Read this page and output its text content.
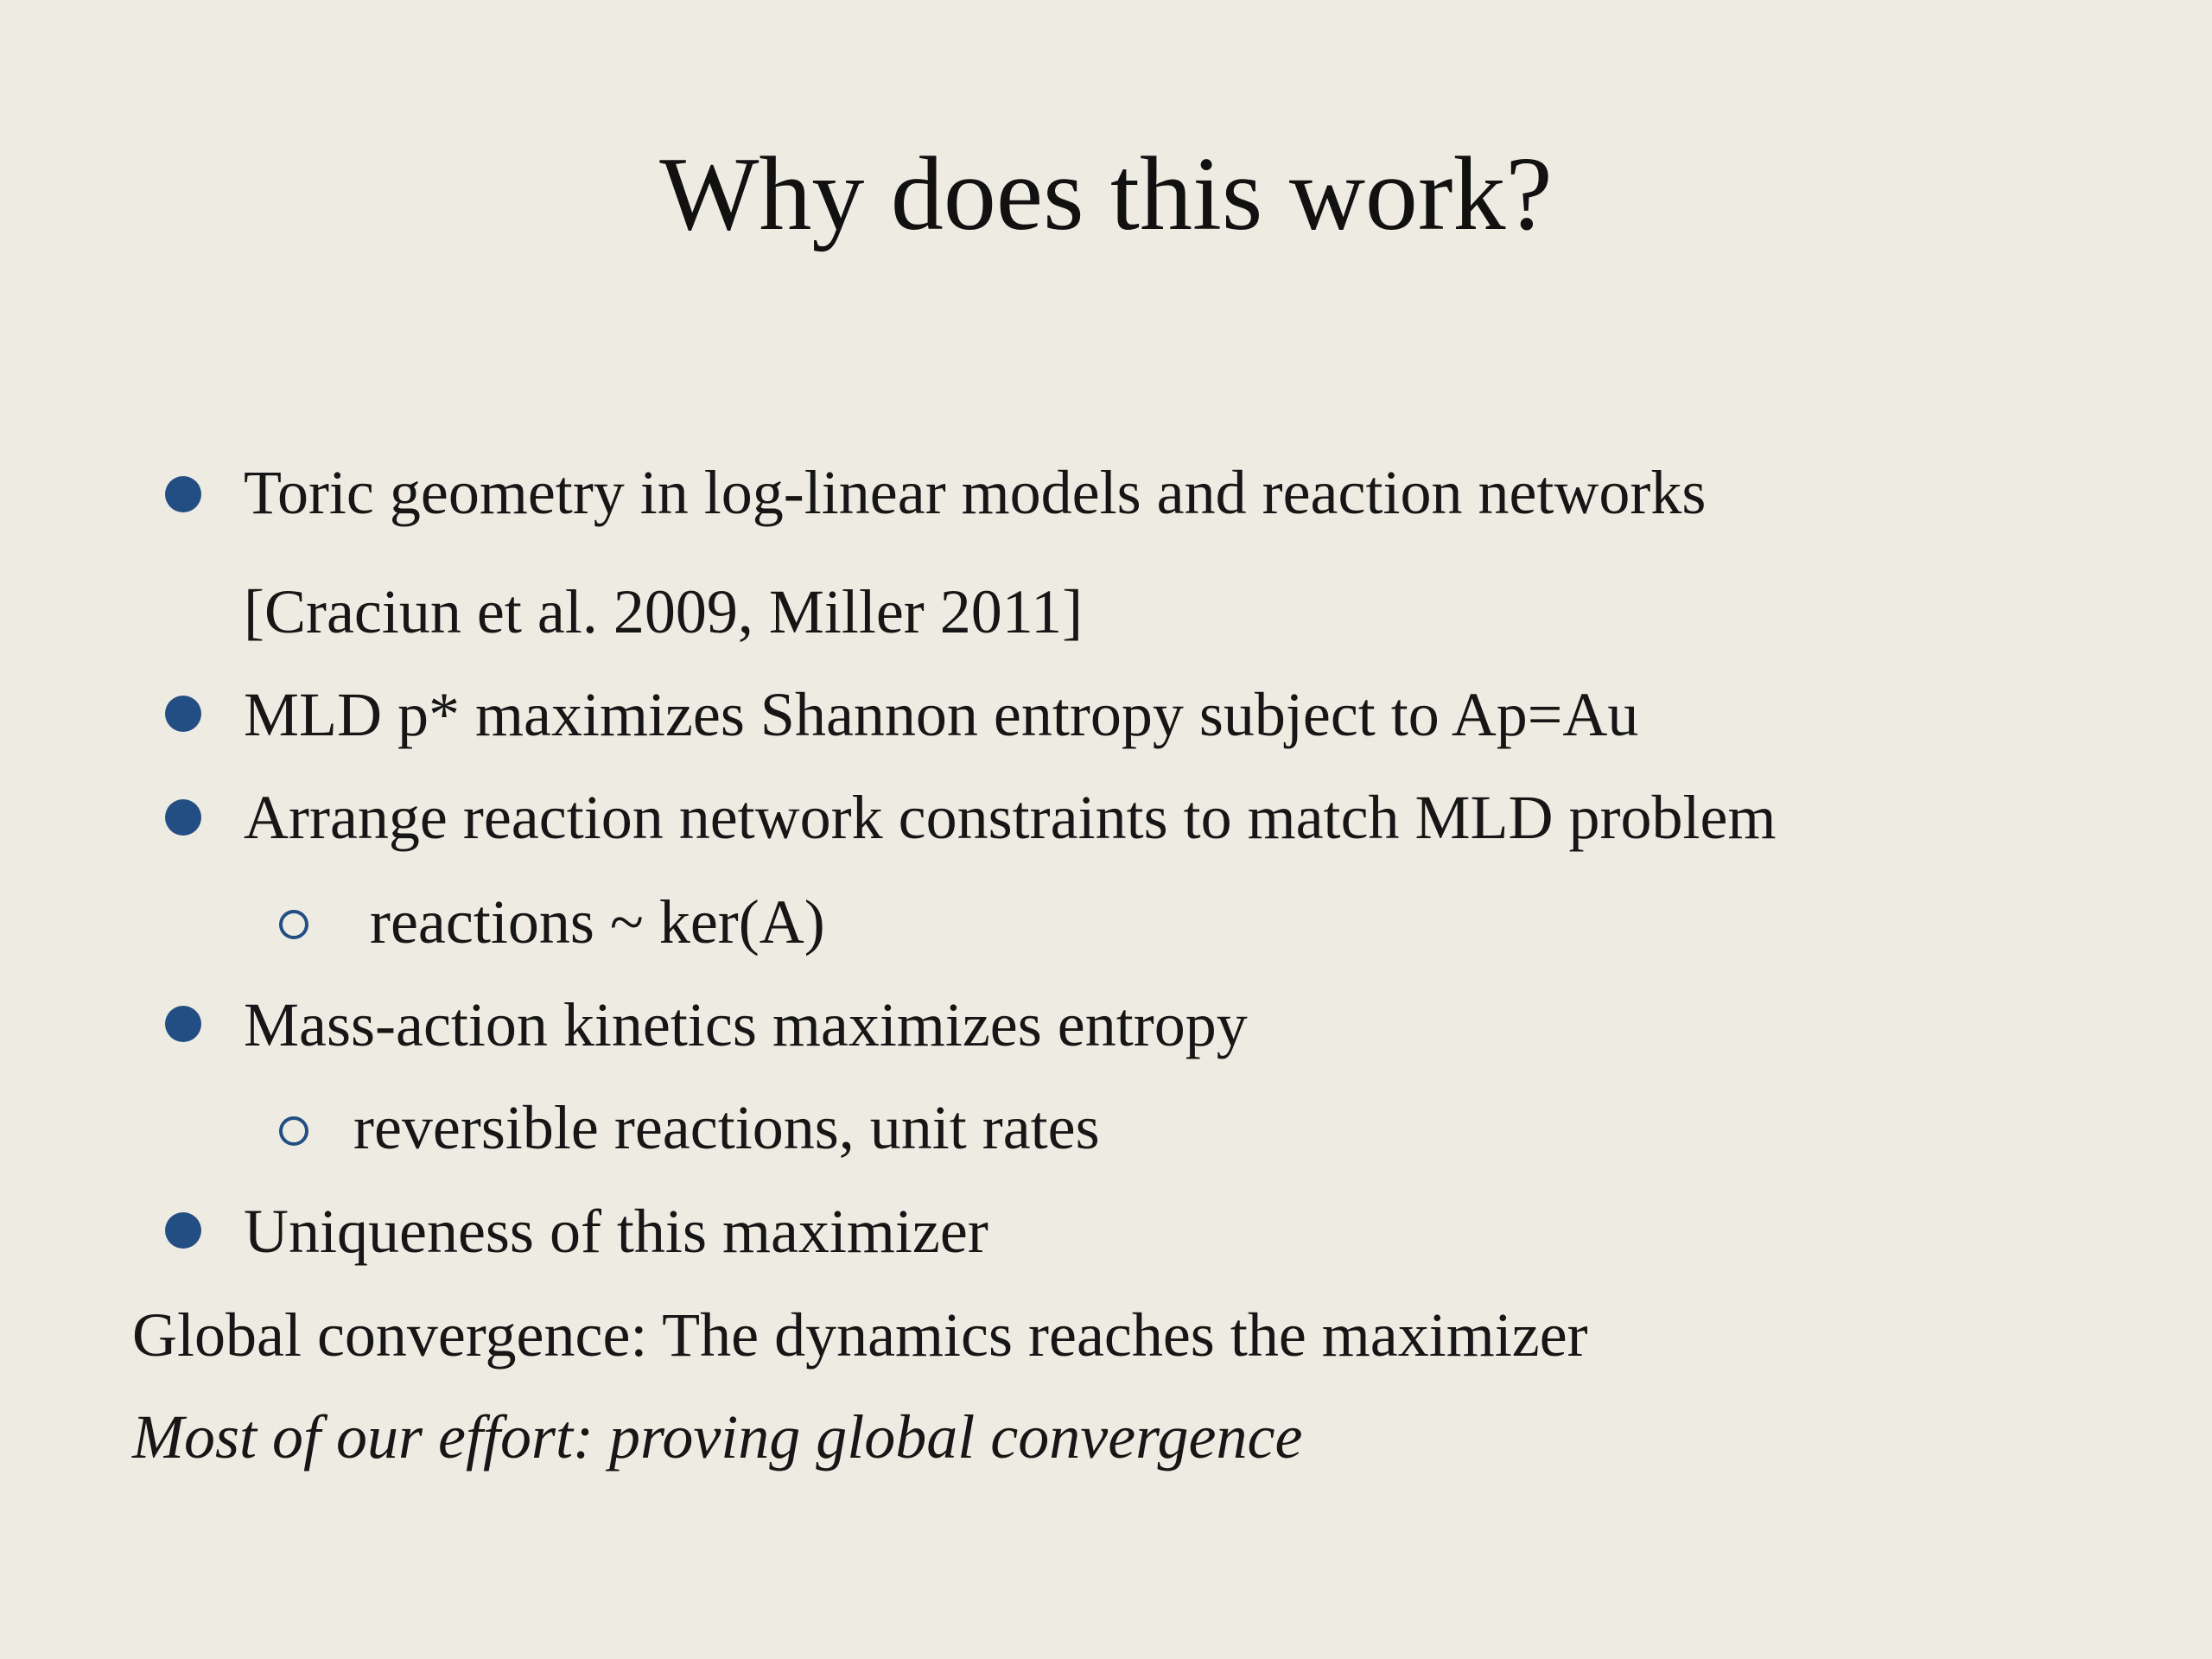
Why does this work?
Toric geometry in log-linear models and reaction networks
[Craciun et al. 2009, Miller 2011]
MLD p* maximizes Shannon entropy subject to Ap=Au
Arrange reaction network constraints to match MLD problem
reactions ~ ker(A)
Mass-action kinetics maximizes entropy
reversible reactions, unit rates
Uniqueness of this maximizer
Global convergence: The dynamics reaches the maximizer
Most of our effort: proving global convergence
